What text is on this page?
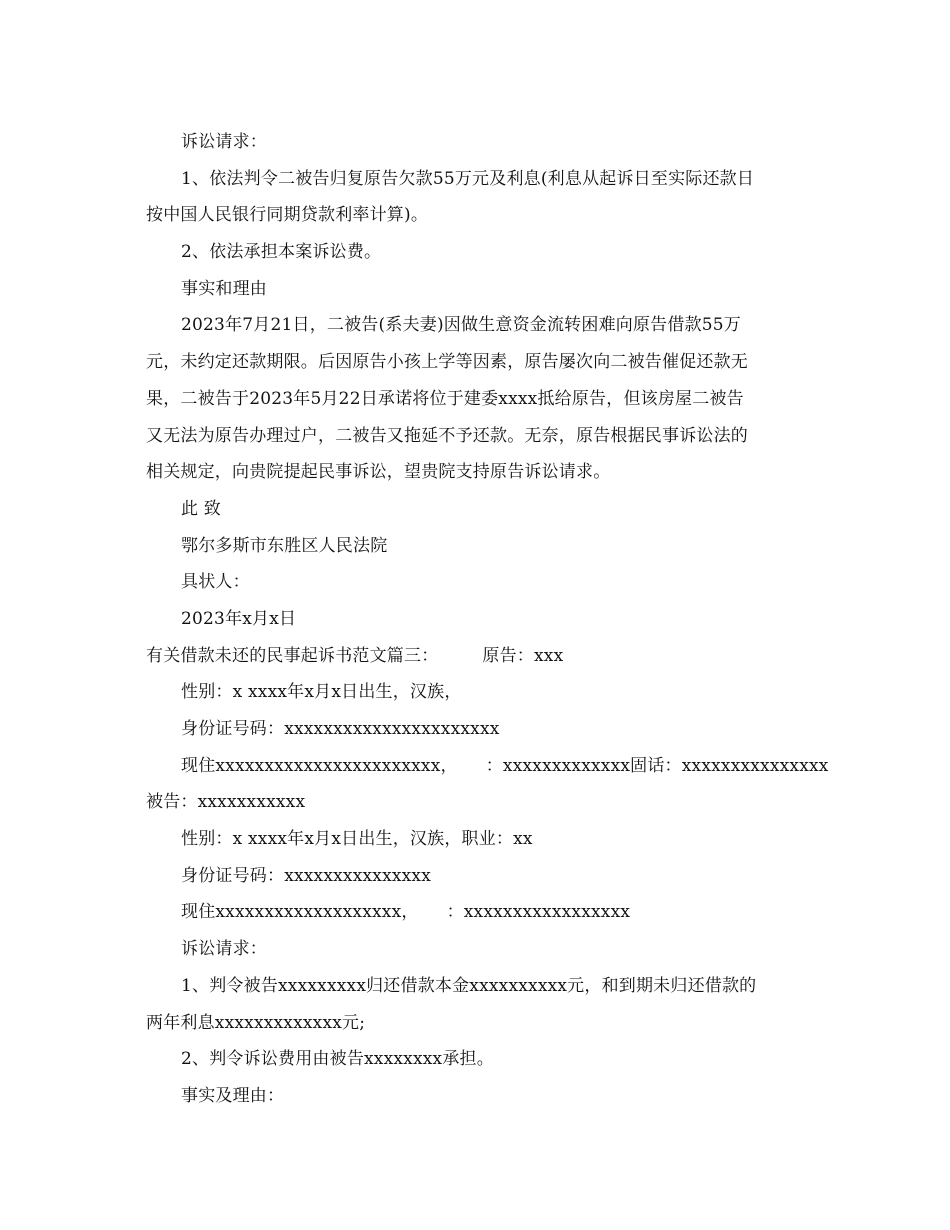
诉讼请求：
1、依法判令二被告归复原告欠款55万元及利息(利息从起诉日至实际还款日
按中国人民银行同期贷款利率计算)。
2、依法承担本案诉讼费。
事实和理由
2023年7月21日，二被告(系夫妻)因做生意资金流转困难向原告借款55万
元，未约定还款期限。后因原告小孩上学等因素，原告屡次向二被告催促还款无
果，二被告于2023年5月22日承诺将位于建委xxxx抵给原告，但该房屋二被告
又无法为原告办理过户，二被告又拖延不予还款。无奈，原告根据民事诉讼法的
相关规定，向贵院提起民事诉讼，望贵院支持原告诉讼请求。
此 致
鄂尔多斯市东胜区人民法院
具状人：
2023年x月x日
有关借款未还的民事起诉书范文篇三：	原告：xxx
性别：x xxxx年x月x日出生，汉族，
身份证号码：xxxxxxxxxxxxxxxxxxxxxx
现住xxxxxxxxxxxxxxxxxxxxxxx， ：xxxxxxxxxxxxx固话：xxxxxxxxxxxxxxx
被告：xxxxxxxxxxx
性别：x xxxx年x月x日出生，汉族，职业：xx
身份证号码：xxxxxxxxxxxxxxx
现住xxxxxxxxxxxxxxxxxxx， ：xxxxxxxxxxxxxxxxx
诉讼请求：
1、判令被告xxxxxxxxx归还借款本金xxxxxxxxxx元，和到期未归还借款的
两年利息xxxxxxxxxxxxx元;
2、判令诉讼费用由被告xxxxxxxx承担。
事实及理由：
